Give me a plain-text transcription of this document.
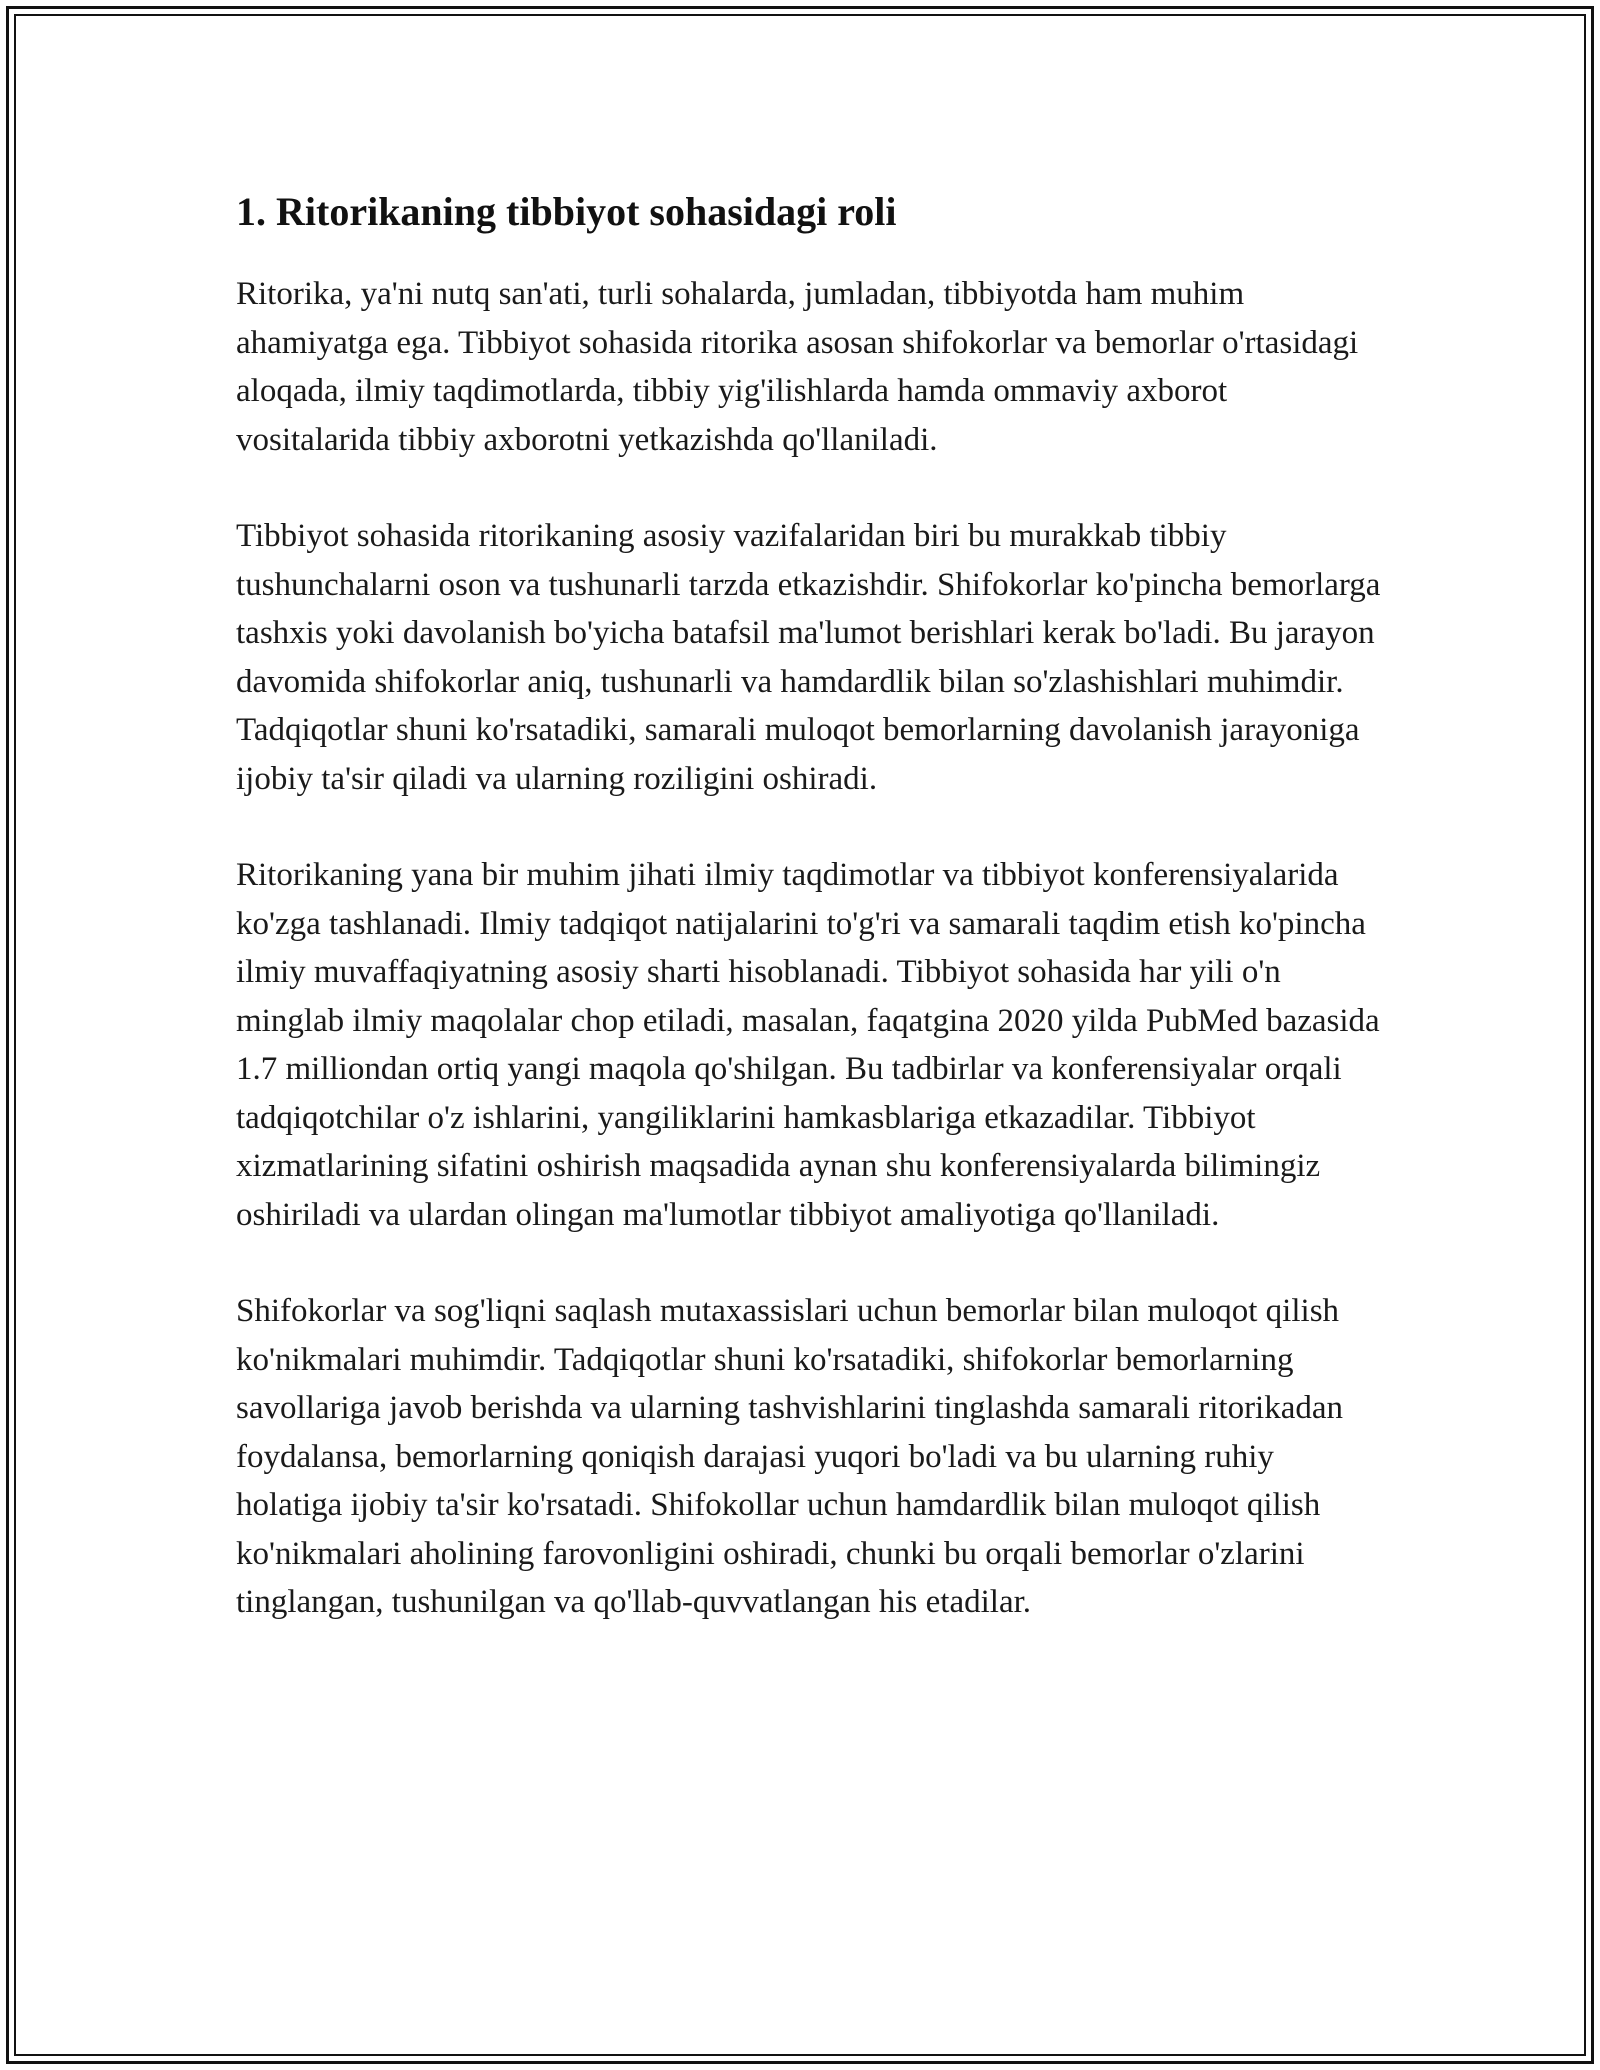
1. Ritorikaning tibbiyot sohasidagi roli

Ritorika, ya'ni nutq san'ati, turli sohalarda, jumladan, tibbiyotda ham muhim ahamiyatga ega. Tibbiyot sohasida ritorika asosan shifokorlar va bemorlar o'rtasidagi aloqada, ilmiy taqdimotlarda, tibbiy yig'ilishlarda hamda ommaviy axborot vositalarida tibbiy axborotni yetkazishda qo'llaniladi.

Tibbiyot sohasida ritorikaning asosiy vazifalaridan biri bu murakkab tibbiy tushunchalarni oson va tushunarli tarzda etkazishdir. Shifokorlar ko'pincha bemorlarga tashxis yoki davolanish bo'yicha batafsil ma'lumot berishlari kerak bo'ladi. Bu jarayon davomida shifokorlar aniq, tushunarli va hamdardlik bilan so'zlashishlari muhimdir. Tadqiqotlar shuni ko'rsatadiki, samarali muloqot bemorlarning davolanish jarayoniga ijobiy ta'sir qiladi va ularning roziligini oshiradi.

Ritorikaning yana bir muhim jihati ilmiy taqdimotlar va tibbiyot konferensiyalarida ko'zga tashlanadi. Ilmiy tadqiqot natijalarini to'g'ri va samarali taqdim etish ko'pincha ilmiy muvaffaqiyatning asosiy sharti hisoblanadi. Tibbiyot sohasida har yili o'n minglab ilmiy maqolalar chop etiladi, masalan, faqatgina 2020 yilda PubMed bazasida 1.7 milliondan ortiq yangi maqola qo'shilgan. Bu tadbirlar va konferensiyalar orqali tadqiqotchilar o'z ishlarini, yangiliklarini hamkasblariga etkazadilar. Tibbiyot xizmatlarining sifatini oshirish maqsadida aynan shu konferensiyalarda bilimingiz oshiriladi va ulardan olingan ma'lumotlar tibbiyot amaliyotiga qo'llaniladi.

Shifokorlar va sog'liqni saqlash mutaxassislari uchun bemorlar bilan muloqot qilish ko'nikmalari muhimdir. Tadqiqotlar shuni ko'rsatadiki, shifokorlar bemorlarning savollariga javob berishda va ularning tashvishlarini tinglashda samarali ritorikadan foydalansa, bemorlarning qoniqish darajasi yuqori bo'ladi va bu ularning ruhiy holatiga ijobiy ta'sir ko'rsatadi. Shifokollar uchun hamdardlik bilan muloqot qilish ko'nikmalari aholining farovonligini oshiradi, chunki bu orqali bemorlar o'zlarini tinglangan, tushunilgan va qo'llab-quvvatlangan his etadilar.
